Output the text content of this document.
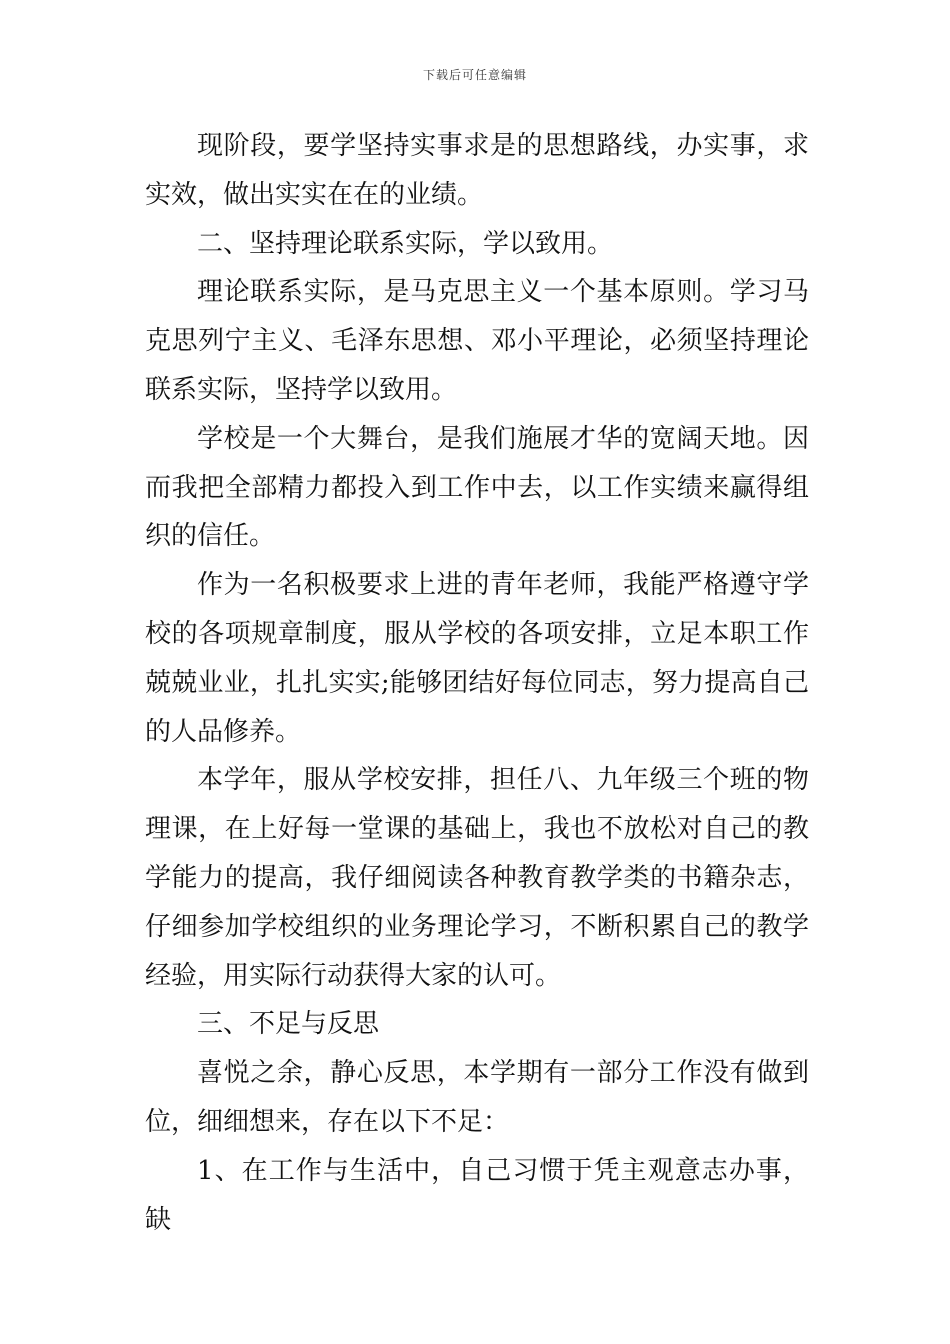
下载后可任意编辑

现阶段，要学坚持实事求是的思想路线，办实事，求实效，做出实实在在的业绩。

二、坚持理论联系实际，学以致用。

理论联系实际，是马克思主义一个基本原则。学习马克思列宁主义、毛泽东思想、邓小平理论，必须坚持理论联系实际，坚持学以致用。

学校是一个大舞台，是我们施展才华的宽阔天地。因而我把全部精力都投入到工作中去，以工作实绩来赢得组织的信任。

作为一名积极要求上进的青年老师，我能严格遵守学校的各项规章制度，服从学校的各项安排，立足本职工作兢兢业业，扎扎实实;能够团结好每位同志，努力提高自己的人品修养。

本学年，服从学校安排，担任八、九年级三个班的物理课，在上好每一堂课的基础上，我也不放松对自己的教学能力的提高，我仔细阅读各种教育教学类的书籍杂志，仔细参加学校组织的业务理论学习，不断积累自己的教学经验，用实际行动获得大家的认可。

三、不足与反思

喜悦之余，静心反思，本学期有一部分工作没有做到位，细细想来，存在以下不足：

1、在工作与生活中，自己习惯于凭主观意志办事，缺
